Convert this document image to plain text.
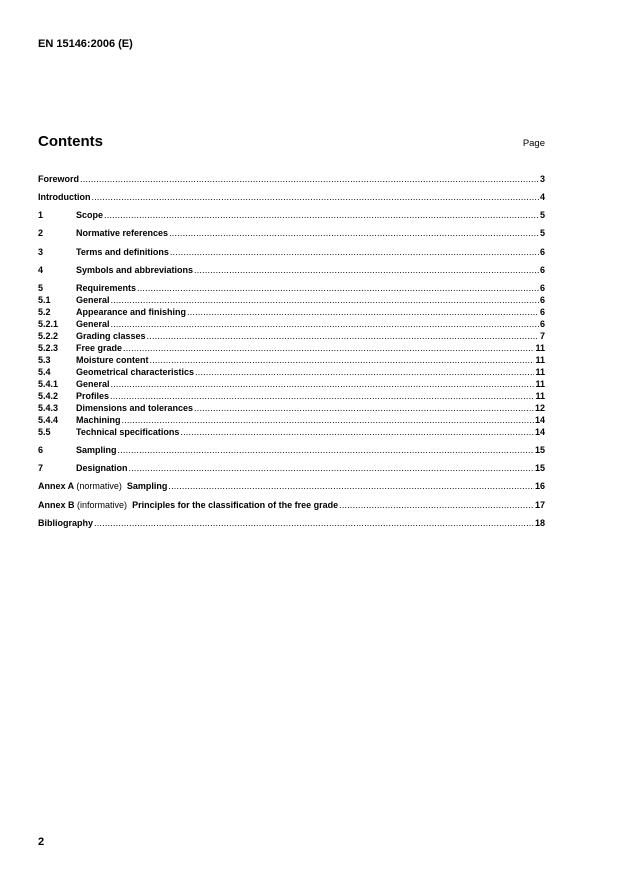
EN 15146:2006 (E)
Contents	Page
Foreword .....	3
Introduction .....	4
1	Scope .....	5
2	Normative references .....	5
3	Terms and definitions .....	6
4	Symbols and abbreviations .....	6
5	Requirements .....	6
5.1	General .....	6
5.2	Appearance and finishing .....	6
5.2.1	General .....	6
5.2.2	Grading classes .....	7
5.2.3	Free grade .....	11
5.3	Moisture content .....	11
5.4	Geometrical characteristics .....	11
5.4.1	General .....	11
5.4.2	Profiles .....	11
5.4.3	Dimensions and tolerances .....	12
5.4.4	Machining .....	14
5.5	Technical specifications .....	14
6	Sampling .....	15
7	Designation .....	15
Annex A (normative) Sampling .....	16
Annex B (informative) Principles for the classification of the free grade .....	17
Bibliography .....	18
2
